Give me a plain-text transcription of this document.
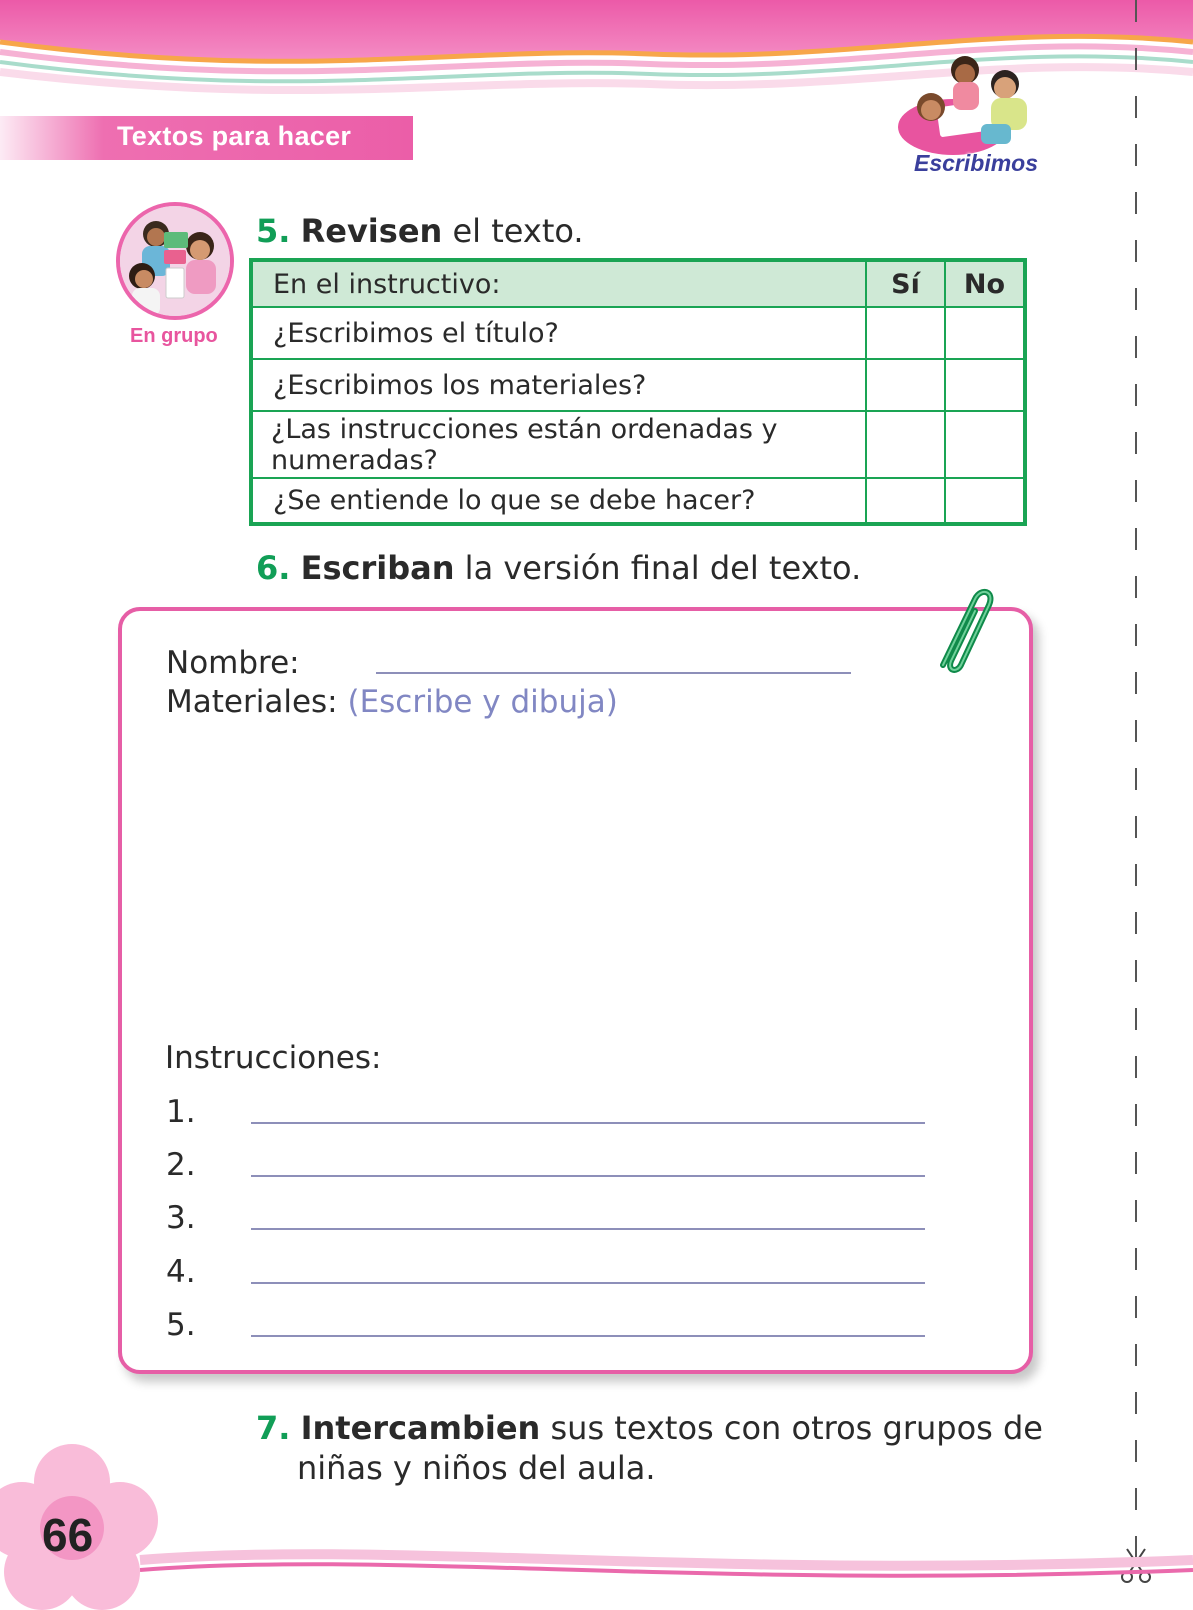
Textos para hacer
Escribimos
En grupo
5. Revisen el texto.
En el instructivo:	Sí	No
¿Escribimos el título?		
¿Escribimos los materiales?		
¿Las instrucciones están ordenadas y numeradas?		
¿Se entiende lo que se debe hacer?		
6. Escriban la versión final del texto.
Nombre:
Materiales: (Escribe y dibuja)
Instrucciones:
1.
2.
3.
4.
5.
7. Intercambien sus textos con otros grupos de
niñas y niños del aula.
66
